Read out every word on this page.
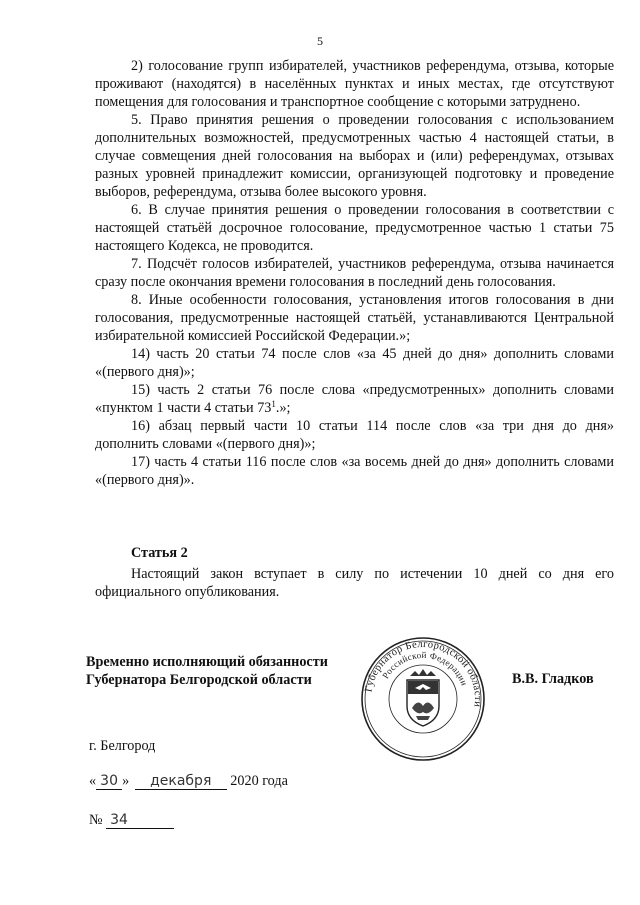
5

2) голосование групп избирателей, участников референдума, отзыва, которые проживают (находятся) в населённых пунктах и иных местах, где отсутствуют помещения для голосования и транспортное сообщение с которыми затруднено.

5. Право принятия решения о проведении голосования с использованием дополнительных возможностей, предусмотренных частью 4 настоящей статьи, в случае совмещения дней голосования на выборах и (или) референдумах, отзывах разных уровней принадлежит комиссии, организующей подготовку и проведение выборов, референдума, отзыва более высокого уровня.

6. В случае принятия решения о проведении голосования в соответствии с настоящей статьёй досрочное голосование, предусмотренное частью 1 статьи 75 настоящего Кодекса, не проводится.

7. Подсчёт голосов избирателей, участников референдума, отзыва начинается сразу после окончания времени голосования в последний день голосования.

8. Иные особенности голосования, установления итогов голосования в дни голосования, предусмотренные настоящей статьёй, устанавливаются Центральной избирательной комиссией Российской Федерации.»;

14) часть 20 статьи 74 после слов «за 45 дней до дня» дополнить словами «(первого дня)»;

15) часть 2 статьи 76 после слова «предусмотренных» дополнить словами «пунктом 1 части 4 статьи $73^1$.»;

16) абзац первый части 10 статьи 114 после слов «за три дня до дня» дополнить словами «(первого дня)»;

17) часть 4 статьи 116 после слов «за восемь дней до дня» дополнить словами «(первого дня)».

Статья 2

Настоящий закон вступает в силу по истечении 10 дней со дня его официального опубликования.

Временно исполняющий обязанности
Губернатора Белгородской области
Губернатор Белгородской области
Российской Федерации	В.В. Гладков
г. Белгород
« 30 » декабря 2020 года
№ 34
